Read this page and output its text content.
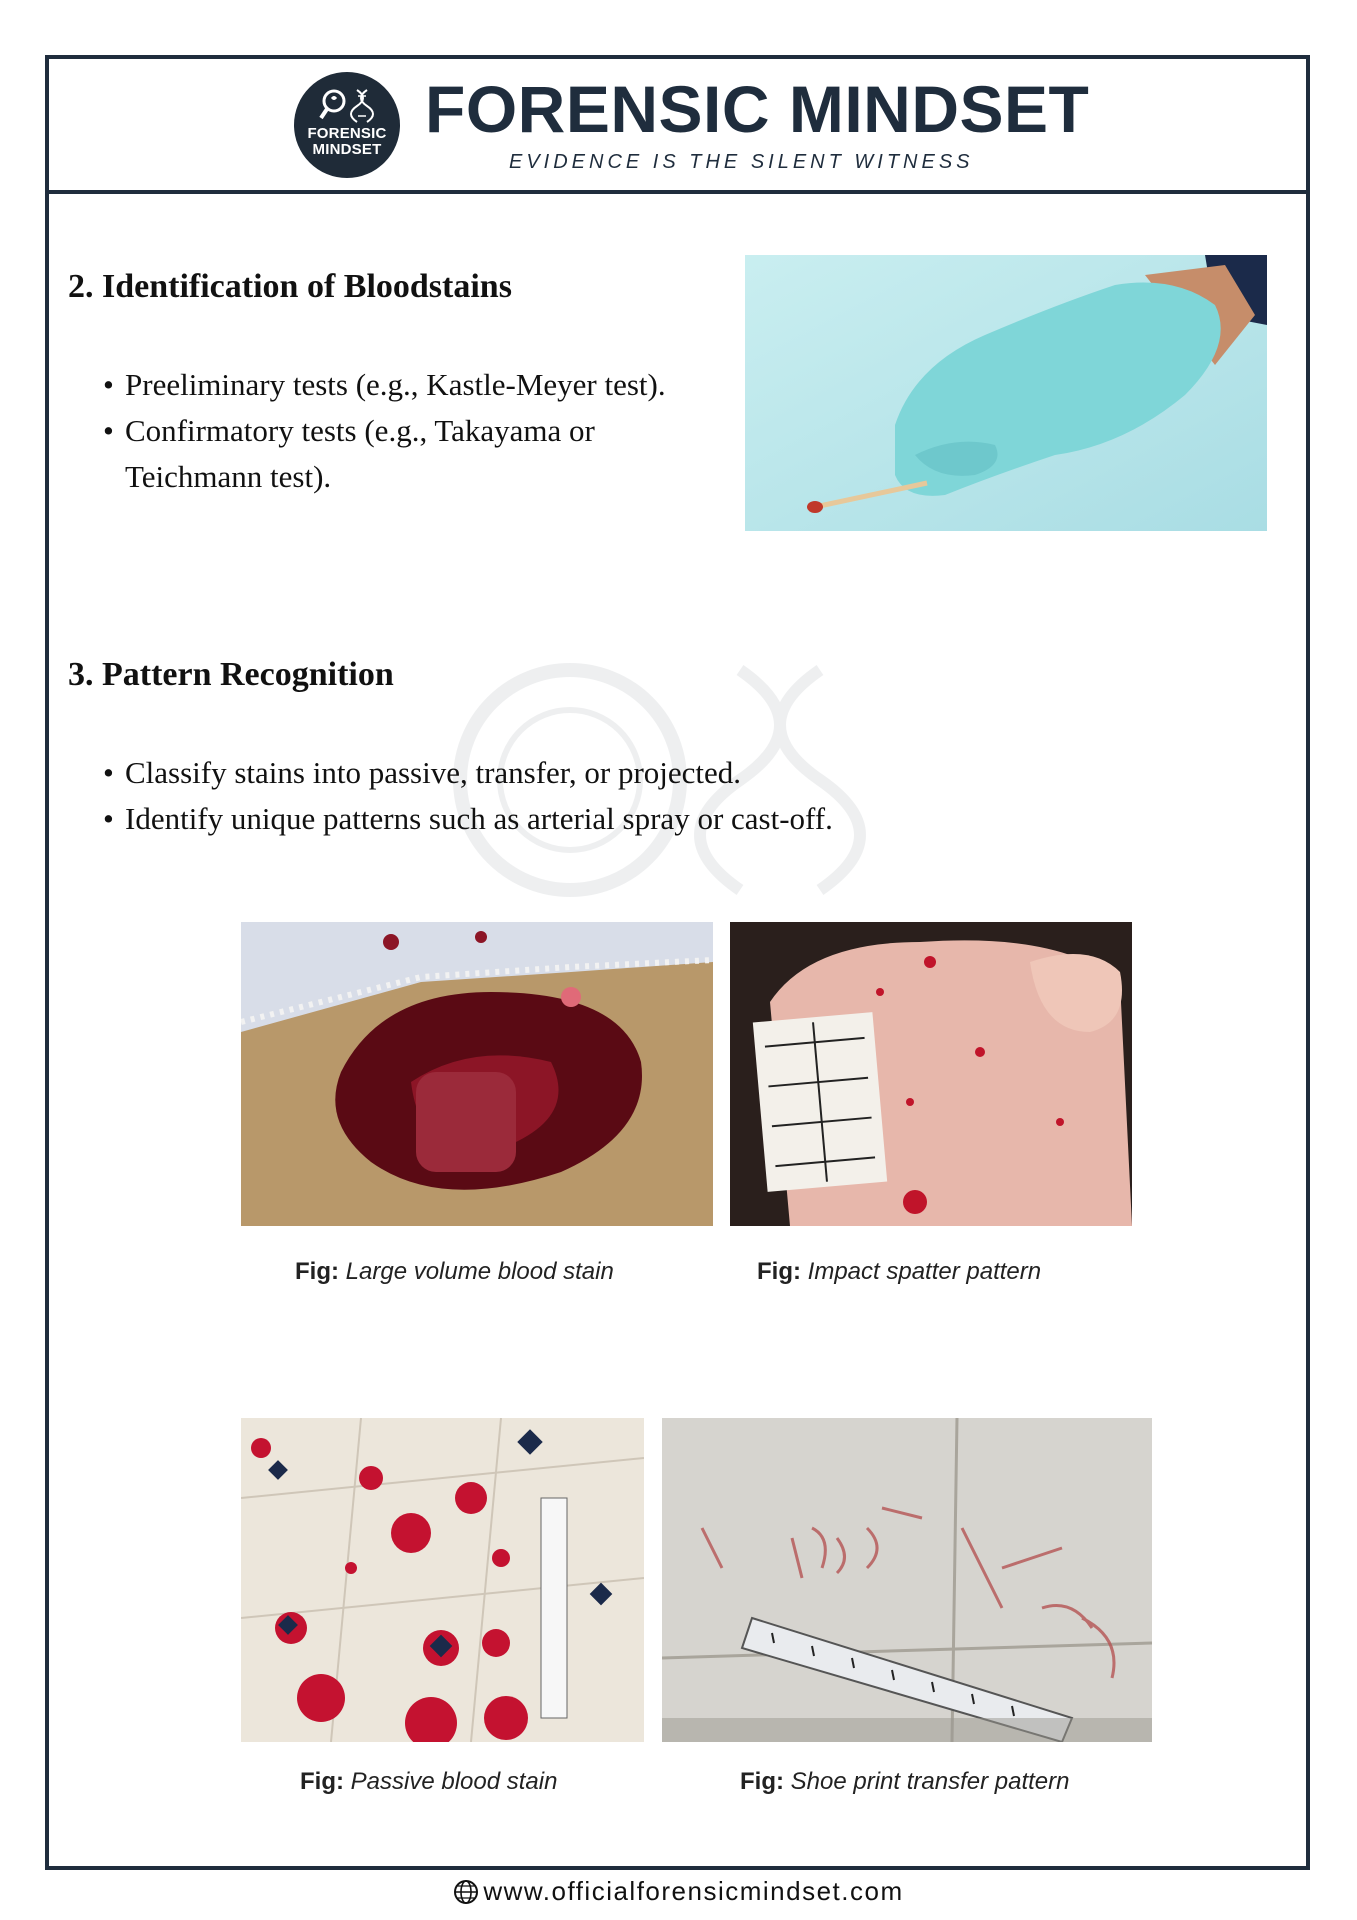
FORENSIC
MINDSET
FORENSIC MINDSET
EVIDENCE IS THE SILENT WITNESS
2. Identification of Bloodstains
• Preeliminary tests (e.g., Kastle-Meyer test).
• Confirmatory tests (e.g., Takayama or
Teichmann test).
3. Pattern Recognition
• Classify stains into passive, transfer, or projected.
• Identify unique patterns such as arterial spray or cast-off.
Fig: Large volume blood stain	Fig: Impact spatter pattern
Fig: Passive blood stain	Fig: Shoe print transfer pattern
www.officialforensicmindset.com
